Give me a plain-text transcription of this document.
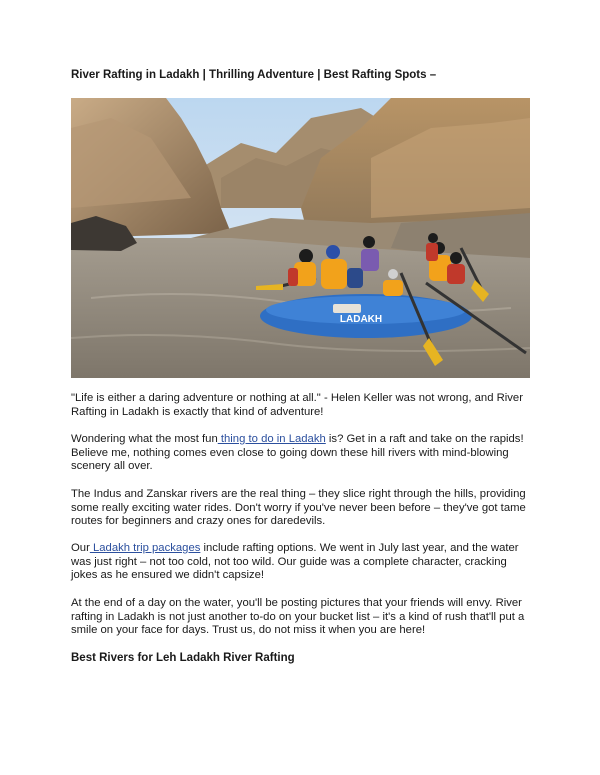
River Rafting in Ladakh | Thrilling Adventure | Best Rafting Spots –
LADAKH
"Life is either a daring adventure or nothing at all." - Helen Keller was not wrong, and River Rafting in Ladakh is exactly that kind of adventure!
Wondering what the most fun thing to do in Ladakh is? Get in a raft and take on the rapids! Believe me, nothing comes even close to going down these hill rivers with mind-blowing scenery all over.
The Indus and Zanskar rivers are the real thing – they slice right through the hills, providing some really exciting water rides. Don't worry if you've never been before – they've got tame routes for beginners and crazy ones for daredevils.
Our Ladakh trip packages include rafting options. We went in July last year, and the water was just right – not too cold, not too wild. Our guide was a complete character, cracking jokes as he ensured we didn't capsize!
At the end of a day on the water, you'll be posting pictures that your friends will envy. River rafting in Ladakh is not just another to-do on your bucket list – it's a kind of rush that'll put a smile on your face for days. Trust us, do not miss it when you are here!
Best Rivers for Leh Ladakh River Rafting
